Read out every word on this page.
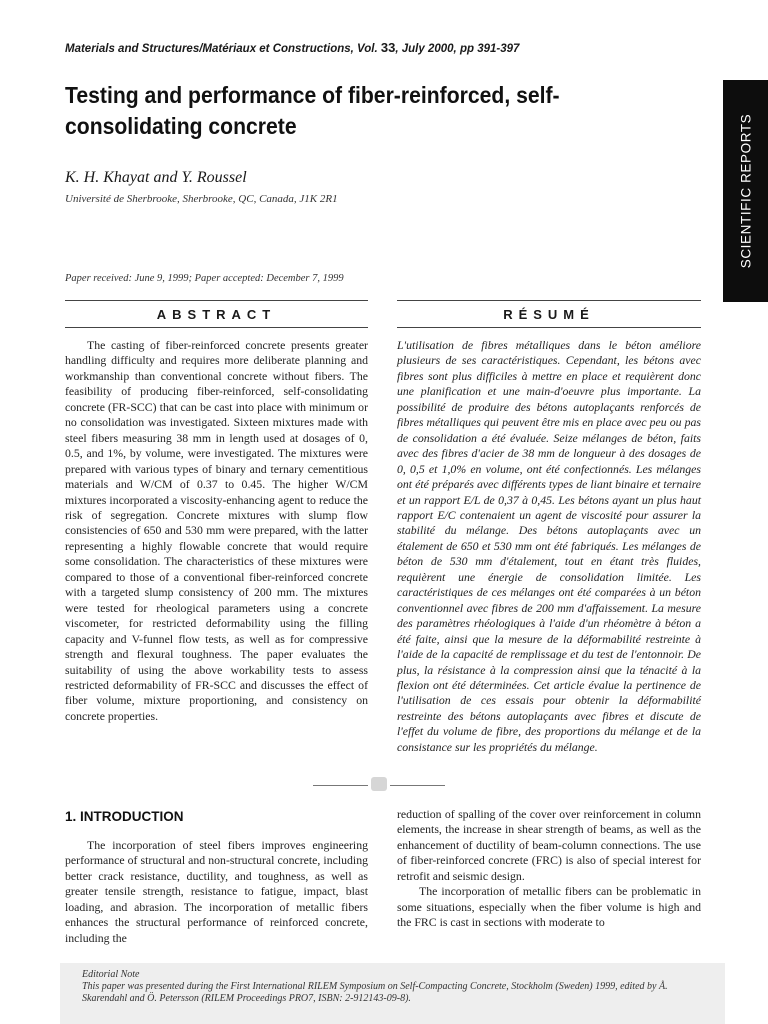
Materials and Structures/Matériaux et Constructions, Vol. 33, July 2000, pp 391-397
SCIENTIFIC REPORTS
Testing and performance of fiber-reinforced, self-consolidating concrete
K. H. Khayat and Y. Roussel
Université de Sherbrooke, Sherbrooke, QC, Canada, J1K 2R1
Paper received: June 9, 1999; Paper accepted: December 7, 1999
ABSTRACT	RÉSUMÉ

The casting of fiber-reinforced concrete presents greater handling difficulty and requires more deliberate planning and workmanship than conventional concrete without fibers. The feasibility of producing fiber-reinforced, self-consolidating concrete (FR-SCC) that can be cast into place with minimum or no consolidation was investigated. Sixteen mixtures made with steel fibers measuring 38 mm in length used at dosages of 0, 0.5, and 1%, by volume, were investigated. The mixtures were prepared with various types of binary and ternary cementitious materials and W/CM of 0.37 to 0.45. The higher W/CM mixtures incorporated a viscosity-enhancing agent to reduce the risk of segregation. Concrete mixtures with slump flow consistencies of 650 and 530 mm were prepared, with the latter representing a highly flowable concrete that would require some consolidation. The characteristics of these mixtures were compared to those of a conventional fiber-reinforced concrete with a targeted slump consistency of 200 mm. The mixtures were tested for rheological parameters using a concrete viscometer, for restricted deformability using the filling capacity and V-funnel flow tests, as well as for compressive strength and flexural toughness. The paper evaluates the suitability of using the above workability tests to assess restricted deformability of FR-SCC and discusses the effect of fiber volume, mixture proportioning, and consistency on concrete properties.

L'utilisation de fibres métalliques dans le béton améliore plusieurs de ses caractéristiques. Cependant, les bétons avec fibres sont plus difficiles à mettre en place et requièrent donc une planification et une main-d'oeuvre plus importante. La possibilité de produire des bétons autoplaçants renforcés de fibres métalliques qui peuvent être mis en place avec peu ou pas de consolidation a été évaluée. Seize mélanges de béton, faits avec des fibres d'acier de 38 mm de longueur à des dosages de 0, 0,5 et 1,0% en volume, ont été confectionnés. Les mélanges ont été préparés avec différents types de liant binaire et ternaire et un rapport E/L de 0,37 à 0,45. Les bétons ayant un plus haut rapport E/C contenaient un agent de viscosité pour assurer la stabilité du mélange. Des bétons autoplaçants avec un étalement de 650 et 530 mm ont été fabriqués. Les mélanges de béton de 530 mm d'étalement, tout en étant très fluides, requièrent une énergie de consolidation limitée. Les caractéristiques de ces mélanges ont été comparées à un béton conventionnel avec fibres de 200 mm d'affaissement. La mesure des paramètres rhéologiques à l'aide d'un rhéomètre à béton a été faite, ainsi que la mesure de la déformabilité restreinte à l'aide de la capacité de remplissage et du test de l'entonnoir. De plus, la résistance à la compression ainsi que la ténacité à la flexion ont été déterminées. Cet article évalue la pertinence de l'utilisation de ces essais pour obtenir la déformabilité restreinte des bétons autoplaçants avec fibres et discute de l'effet du volume de fibre, des proportions du mélange et de la consistance sur les propriétés du mélange.

1. INTRODUCTION

The incorporation of steel fibers improves engineering performance of structural and non-structural concrete, including better crack resistance, ductility, and toughness, as well as greater tensile strength, resistance to fatigue, impact, blast loading, and abrasion. The incorporation of metallic fibers enhances the structural performance of reinforced concrete, including the

reduction of spalling of the cover over reinforcement in column elements, the increase in shear strength of beams, as well as the enhancement of ductility of beam-column connections. The use of fiber-reinforced concrete (FRC) is also of special interest for retrofit and seismic design.

The incorporation of metallic fibers can be problematic in some situations, especially when the fiber volume is high and the FRC is cast in sections with moderate to

Editorial Note
This paper was presented during the First International RILEM Symposium on Self-Compacting Concrete, Stockholm (Sweden) 1999, edited by Å. Skarendahl and Ö. Petersson (RILEM Proceedings PRO7, ISBN: 2-912143-09-8).
